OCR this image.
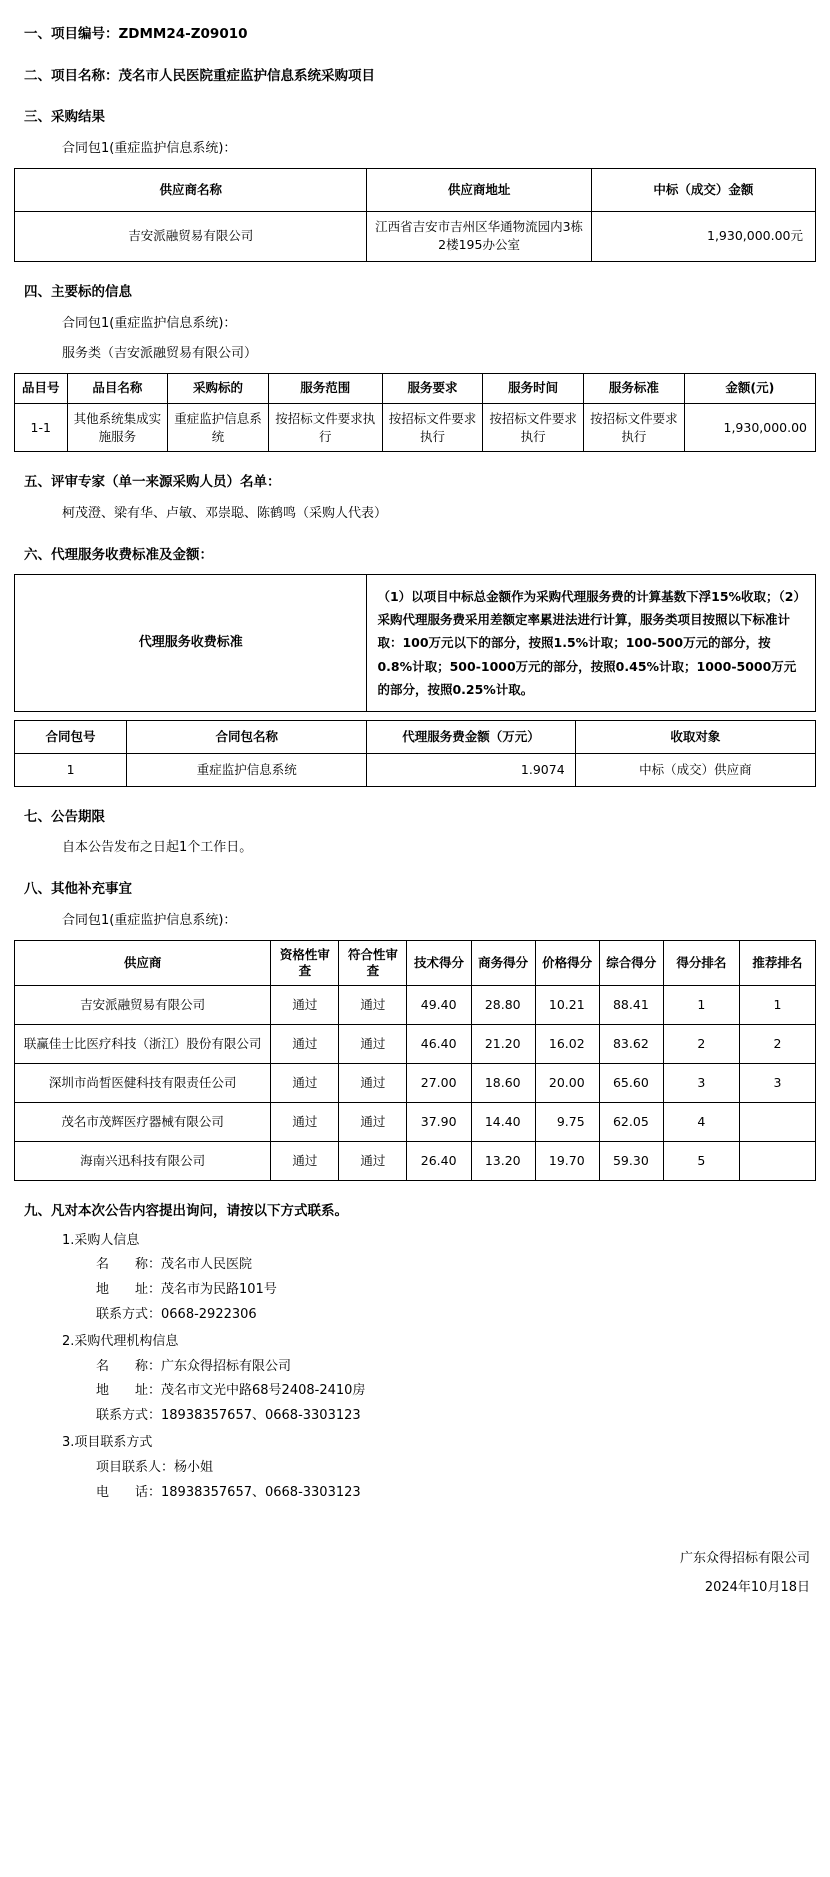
一、项目编号：ZDMM24-Z09010
二、项目名称：茂名市人民医院重症监护信息系统采购项目
三、采购结果
合同包1(重症监护信息系统)：
供应商名称	供应商地址	中标（成交）金额
吉安派融贸易有限公司	江西省吉安市吉州区华通物流园内3栋2楼195办公室	1,930,000.00元
四、主要标的信息
合同包1(重症监护信息系统)：
服务类（吉安派融贸易有限公司）
品目号	品目名称	采购标的	服务范围	服务要求	服务时间	服务标准	金额(元)
1-1	其他系统集成实施服务	重症监护信息系统	按招标文件要求执行	按招标文件要求执行	按招标文件要求执行	按招标文件要求执行	1,930,000.00
五、评审专家（单一来源采购人员）名单：
柯茂澄、梁有华、卢敏、邓崇聪、陈鹤鸣（采购人代表）
六、代理服务收费标准及金额：
代理服务收费标准	（1）以项目中标总金额作为采购代理服务费的计算基数下浮15%收取；（2）采购代理服务费采用差额定率累进法进行计算，服务类项目按照以下标准计取：100万元以下的部分，按照1.5%计取；100-500万元的部分，按0.8%计取；500-1000万元的部分，按照0.45%计取；1000-5000万元的部分，按照0.25%计取。
合同包号	合同包名称	代理服务费金额（万元）	收取对象
1	重症监护信息系统	1.9074	中标（成交）供应商
七、公告期限
自本公告发布之日起1个工作日。
八、其他补充事宜
合同包1(重症监护信息系统)：
供应商	资格性审查	符合性审查	技术得分	商务得分	价格得分	综合得分	得分排名	推荐排名
吉安派融贸易有限公司	通过	通过	49.40	28.80	10.21	88.41	1	1
联赢佳士比医疗科技（浙江）股份有限公司	通过	通过	46.40	21.20	16.02	83.62	2	2
深圳市尚皙医健科技有限责任公司	通过	通过	27.00	18.60	20.00	65.60	3	3
茂名市茂辉医疗器械有限公司	通过	通过	37.90	14.40	9.75	62.05	4	
海南兴迅科技有限公司	通过	通过	26.40	13.20	19.70	59.30	5	
九、凡对本次公告内容提出询问，请按以下方式联系。
1.采购人信息
名　　称：茂名市人民医院
地　　址：茂名市为民路101号
联系方式：0668-2922306
2.采购代理机构信息
名　　称：广东众得招标有限公司
地　　址：茂名市文光中路68号2408-2410房
联系方式：18938357657、0668-3303123
3.项目联系方式
项目联系人：杨小姐
电　　话：18938357657、0668-3303123
广东众得招标有限公司
2024年10月18日
